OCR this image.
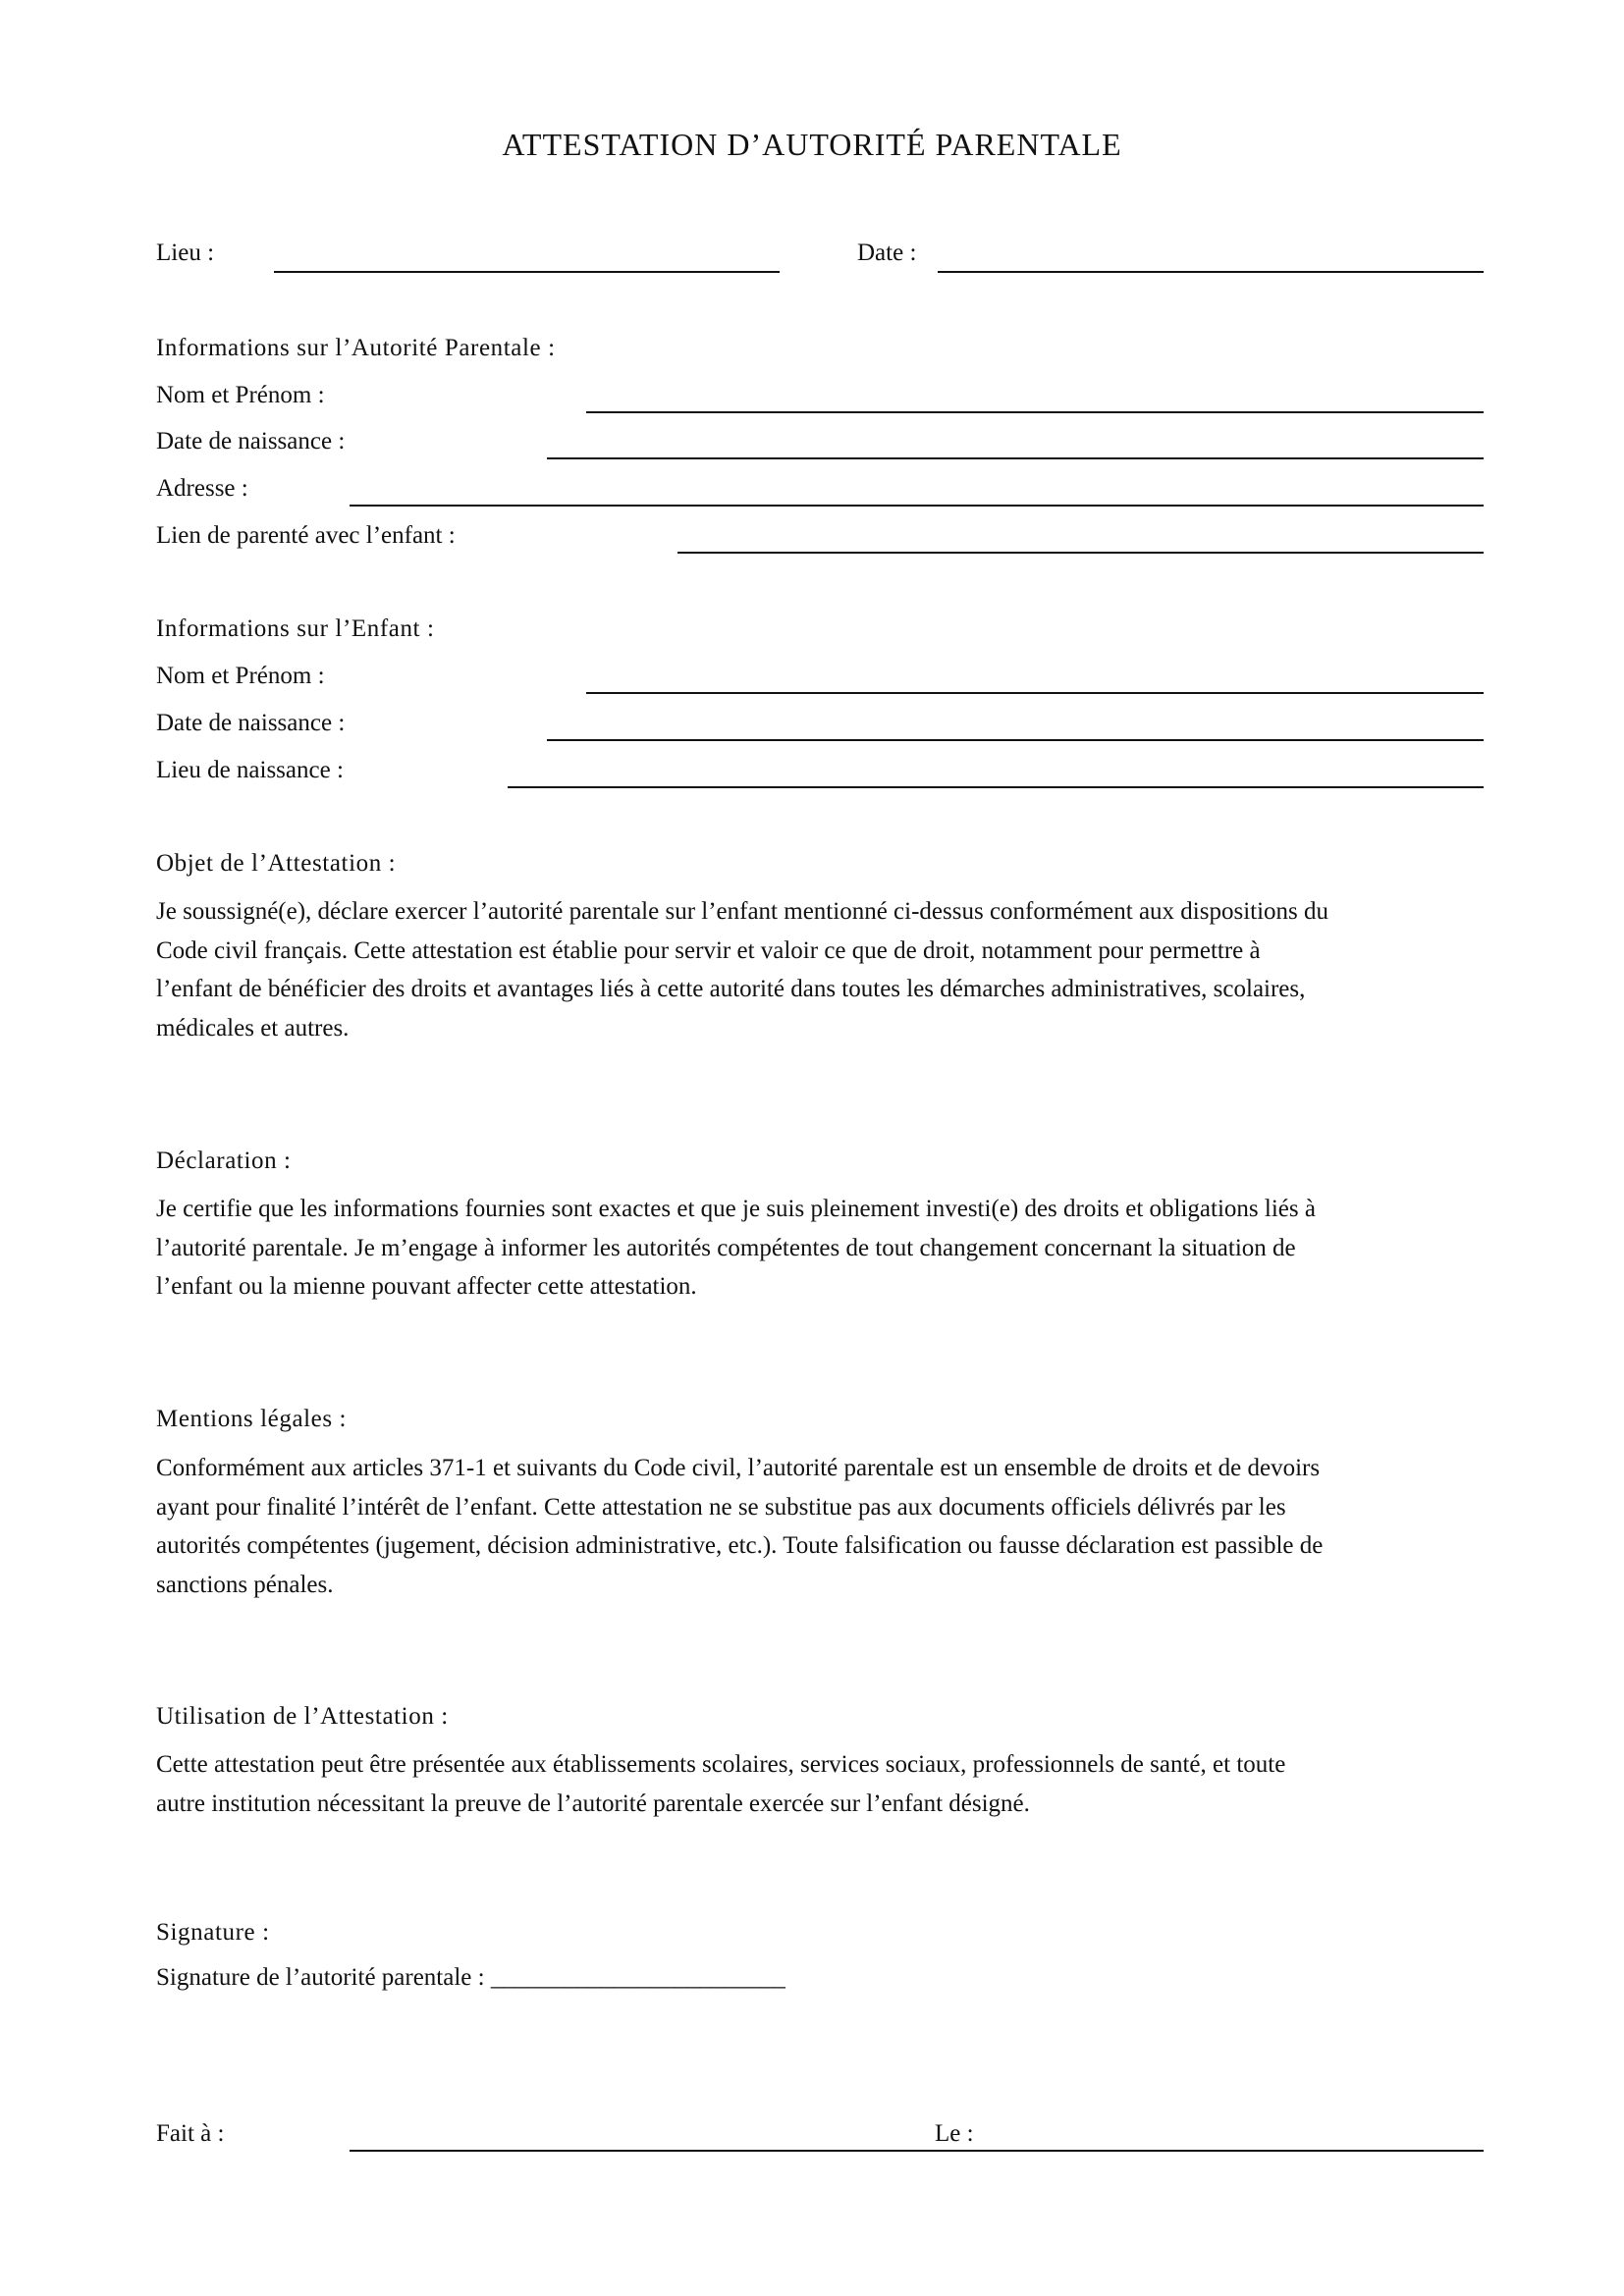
ATTESTATION D’AUTORITÉ PARENTALE
Lieu :	Date :
Informations sur l’Autorité Parentale :
Nom et Prénom :
Date de naissance :
Adresse :
Lien de parenté avec l’enfant :
Informations sur l’Enfant :
Nom et Prénom :
Date de naissance :
Lieu de naissance :
Objet de l’Attestation :
Je soussigné(e), déclare exercer l’autorité parentale sur l’enfant mentionné ci-dessus conformément aux dispositions du
Code civil français. Cette attestation est établie pour servir et valoir ce que de droit, notamment pour permettre à
l’enfant de bénéficier des droits et avantages liés à cette autorité dans toutes les démarches administratives, scolaires,
médicales et autres.
Déclaration :
Je certifie que les informations fournies sont exactes et que je suis pleinement investi(e) des droits et obligations liés à
l’autorité parentale. Je m’engage à informer les autorités compétentes de tout changement concernant la situation de
l’enfant ou la mienne pouvant affecter cette attestation.
Mentions légales :
Conformément aux articles 371-1 et suivants du Code civil, l’autorité parentale est un ensemble de droits et de devoirs
ayant pour finalité l’intérêt de l’enfant. Cette attestation ne se substitue pas aux documents officiels délivrés par les
autorités compétentes (jugement, décision administrative, etc.). Toute falsification ou fausse déclaration est passible de
sanctions pénales.
Utilisation de l’Attestation :
Cette attestation peut être présentée aux établissements scolaires, services sociaux, professionnels de santé, et toute
autre institution nécessitant la preuve de l’autorité parentale exercée sur l’enfant désigné.
Signature :
Signature de l’autorité parentale : ________________________
Fait à :	Le :
